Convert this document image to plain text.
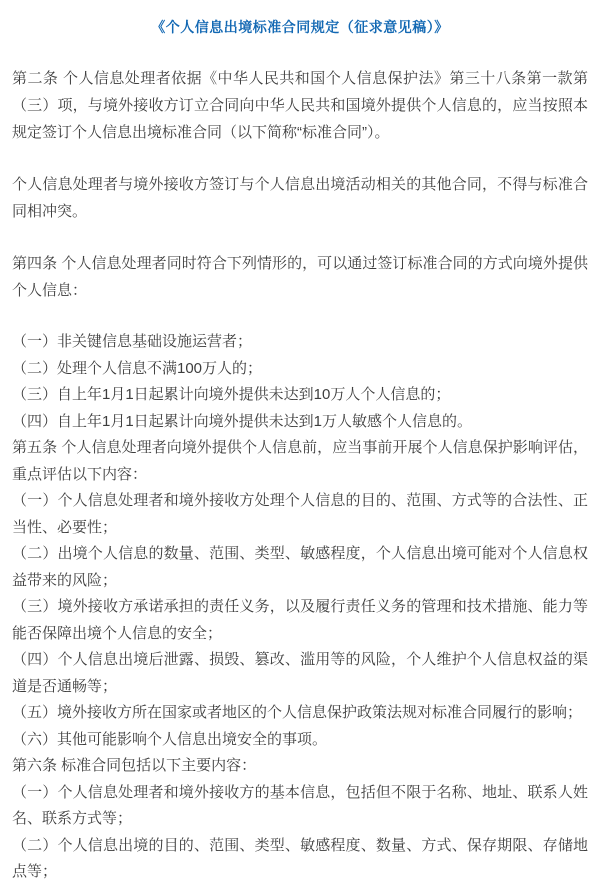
《个人信息出境标准合同规定（征求意见稿）》

第二条 个人信息处理者依据《中华人民共和国个人信息保护法》第三十八条第一款第（三）项，与境外接收方订立合同向中华人民共和国境外提供个人信息的，应当按照本规定签订个人信息出境标准合同（以下简称“标准合同”）。

个人信息处理者与境外接收方签订与个人信息出境活动相关的其他合同，不得与标准合同相冲突。

第四条 个人信息处理者同时符合下列情形的，可以通过签订标准合同的方式向境外提供个人信息：

（一）非关键信息基础设施运营者；

（二）处理个人信息不满100万人的；

（三）自上年1月1日起累计向境外提供未达到10万人个人信息的；

（四）自上年1月1日起累计向境外提供未达到1万人敏感个人信息的。

第五条 个人信息处理者向境外提供个人信息前，应当事前开展个人信息保护影响评估，重点评估以下内容：

（一）个人信息处理者和境外接收方处理个人信息的目的、范围、方式等的合法性、正当性、必要性；

（二）出境个人信息的数量、范围、类型、敏感程度，个人信息出境可能对个人信息权益带来的风险；

（三）境外接收方承诺承担的责任义务，以及履行责任义务的管理和技术措施、能力等能否保障出境个人信息的安全；

（四）个人信息出境后泄露、损毁、篡改、滥用等的风险，个人维护个人信息权益的渠道是否通畅等；

（五）境外接收方所在国家或者地区的个人信息保护政策法规对标准合同履行的影响；

（六）其他可能影响个人信息出境安全的事项。

第六条 标准合同包括以下主要内容：

（一）个人信息处理者和境外接收方的基本信息，包括但不限于名称、地址、联系人姓名、联系方式等；

（二）个人信息出境的目的、范围、类型、敏感程度、数量、方式、保存期限、存储地点等；
